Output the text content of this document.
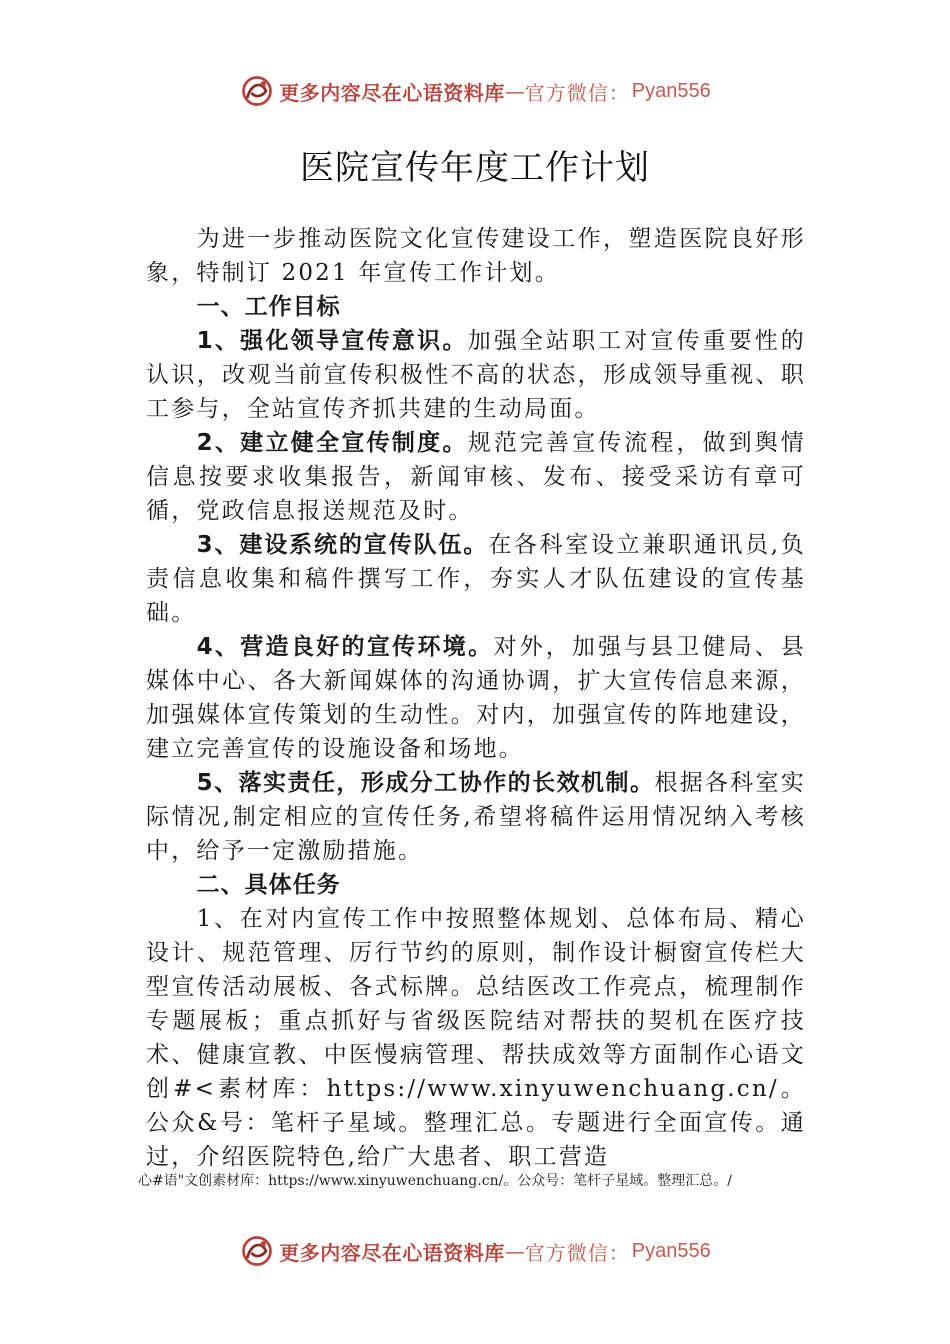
更多内容尽在心语资料库 — 官方微信： Pyan556
医院宣传年度工作计划

为进一步推动医院文化宣传建设工作，塑造医院良好形象，特制订 2021 年宣传工作计划。

一、工作目标

1、强化领导宣传意识。加强全站职工对宣传重要性的认识，改观当前宣传积极性不高的状态，形成领导重视、职工参与，全站宣传齐抓共建的生动局面。

2、建立健全宣传制度。规范完善宣传流程，做到舆情信息按要求收集报告，新闻审核、发布、接受采访有章可循，党政信息报送规范及时。

3、建设系统的宣传队伍。在各科室设立兼职通讯员,负责信息收集和稿件撰写工作，夯实人才队伍建设的宣传基础。

4、营造良好的宣传环境。对外，加强与县卫健局、县媒体中心、各大新闻媒体的沟通协调，扩大宣传信息来源，加强媒体宣传策划的生动性。对内，加强宣传的阵地建设，建立完善宣传的设施设备和场地。

5、落实责任，形成分工协作的长效机制。根据各科室实际情况,制定相应的宣传任务,希望将稿件运用情况纳入考核中，给予一定激励措施。

二、具体任务

1、在对内宣传工作中按照整体规划、总体布局、精心设计、规范管理、厉行节约的原则，制作设计橱窗宣传栏大型宣传活动展板、各式标牌。总结医改工作亮点，梳理制作专题展板；重点抓好与省级医院结对帮扶的契机在医疗技术、健康宣教、中医慢病管理、帮扶成效等方面制作心语文创#<素材库：https://www.xinyuwenchuang.cn/。公众&号：笔杆子星域。整理汇总。专题进行全面宣传。通过，介绍医院特色,给广大患者、职工营造

心#语"文创素材库：https://www.xinyuwenchuang.cn/。公众号：笔杆子星域。整理汇总。/
更多内容尽在心语资料库 — 官方微信： Pyan556
